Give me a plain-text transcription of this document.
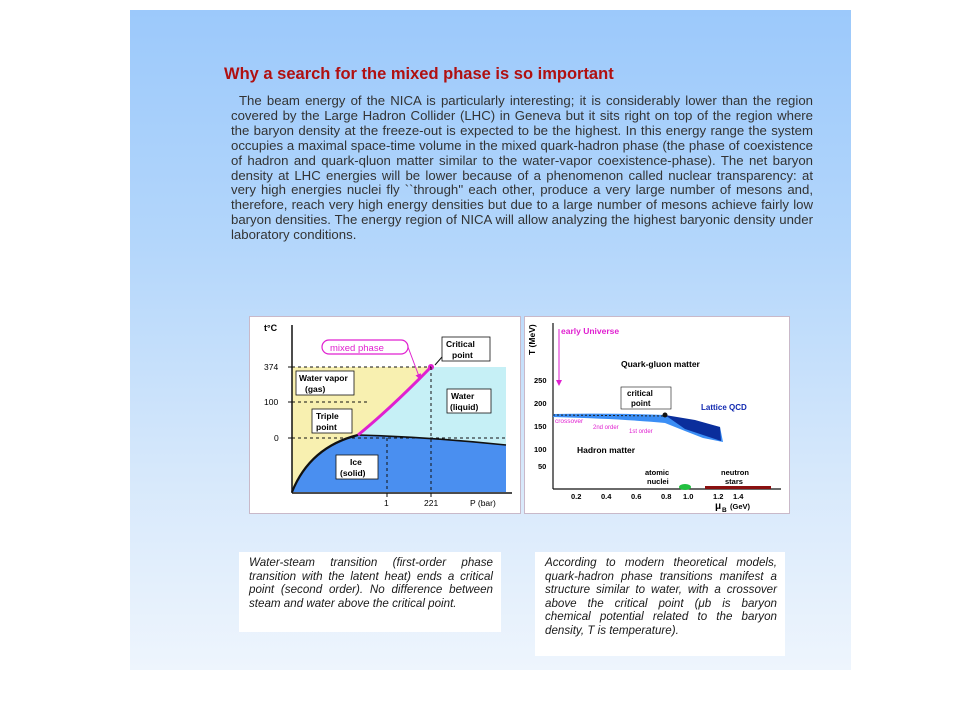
Why a search for the mixed phase is so important
The beam energy of the NICA is particularly interesting; it is considerably lower than the region covered by the Large Hadron Collider (LHC) in Geneva but it sits right on top of the region where the baryon density at the freeze-out is expected to be the highest. In this energy range the system occupies a maximal space-time volume in the mixed quark-hadron phase (the phase of coexistence of hadron and quark-qluon matter similar to the water-vapor coexistence-phase). The net baryon density at LHC energies will be lower because of a phenomenon called nuclear transparency: at very high energies nuclei fly ``through'' each other, produce a very large number of mesons and, therefore, reach very high energy densities but due to a large number of mesons achieve fairly low baryon densities. The energy region of NICA will allow analyzing the highest baryonic density under laboratory conditions.
t°C
374
100
0
1	221	P (bar)
mixed phase	Critical
point
Water vapor
(gas)
Water
(liquid)
Triple
point
Ice
(solid)
T (MeV)
250
200
150
100
50
early Universe
Quark-gluon matter
critical
point	Lattice QCD
crossover
2nd order
1st order
Hadron matter
atomic
nuclei
neutron
stars
0.2	0.4	0.6	0.8 1.0	1.2 1.4
μ B (GeV)
Water-steam transition (first-order phase transition with the latent heat) ends a critical point (second order). No difference between steam and water above the critical point.
According to modern theoretical models, quark-hadron phase transitions manifest a structure similar to water, with a crossover above the critical point (μb is baryon chemical potential related to the baryon density, T is temperature).
